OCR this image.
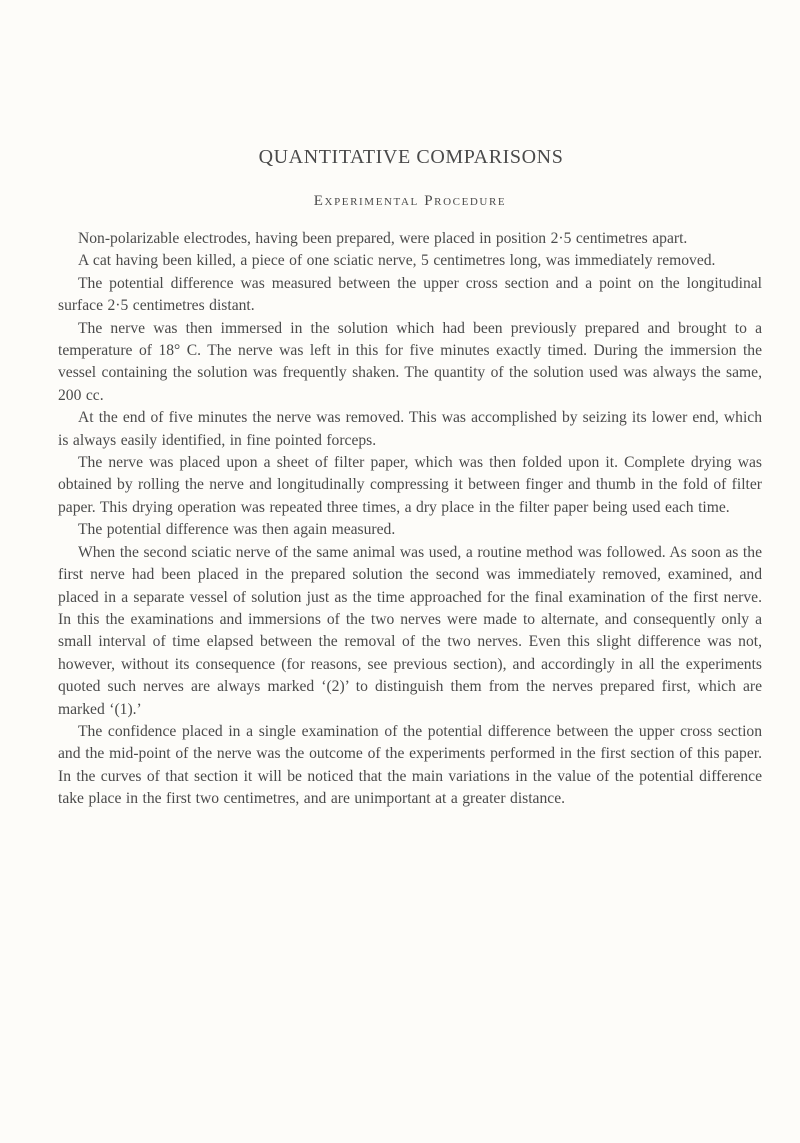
QUANTITATIVE COMPARISONS
Experimental Procedure

Non-polarizable electrodes, having been prepared, were placed in position 2·5 centimetres apart.

A cat having been killed, a piece of one sciatic nerve, 5 centimetres long, was immediately removed.

The potential difference was measured between the upper cross section and a point on the longitudinal surface 2·5 centimetres distant.

The nerve was then immersed in the solution which had been previously prepared and brought to a temperature of 18° C. The nerve was left in this for five minutes exactly timed. During the immersion the vessel containing the solution was frequently shaken. The quantity of the solution used was always the same, 200 cc.

At the end of five minutes the nerve was removed. This was accomplished by seizing its lower end, which is always easily identified, in fine pointed forceps.

The nerve was placed upon a sheet of filter paper, which was then folded upon it. Complete drying was obtained by rolling the nerve and longitudinally compressing it between finger and thumb in the fold of filter paper. This drying operation was repeated three times, a dry place in the filter paper being used each time.

The potential difference was then again measured.

When the second sciatic nerve of the same animal was used, a routine method was followed. As soon as the first nerve had been placed in the prepared solution the second was immediately removed, examined, and placed in a separate vessel of solution just as the time approached for the final examination of the first nerve. In this the examinations and immersions of the two nerves were made to alternate, and consequently only a small interval of time elapsed between the removal of the two nerves. Even this slight difference was not, however, without its consequence (for reasons, see previous section), and accordingly in all the experiments quoted such nerves are always marked ‘(2)’ to distinguish them from the nerves prepared first, which are marked ‘(1).’

The confidence placed in a single examination of the potential difference between the upper cross section and the mid-point of the nerve was the outcome of the experiments performed in the first section of this paper. In the curves of that section it will be noticed that the main variations in the value of the potential difference take place in the first two centimetres, and are unimportant at a greater distance.
